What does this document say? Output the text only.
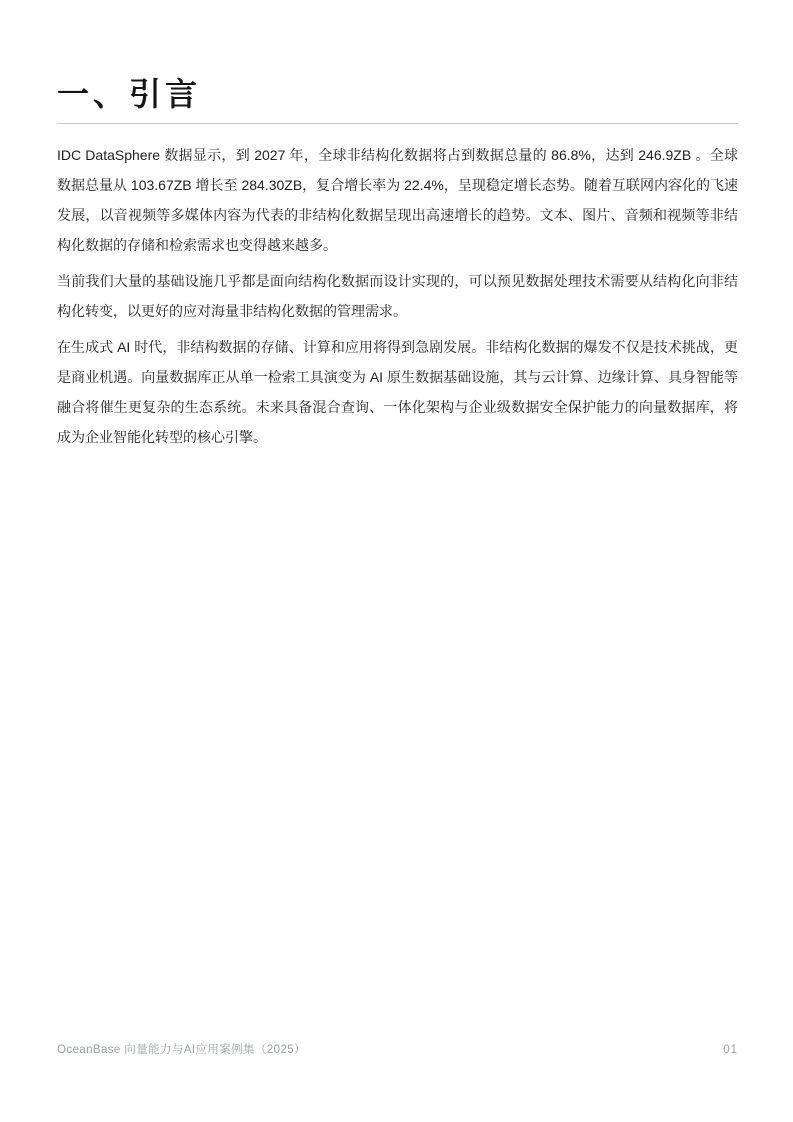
一、引言

IDC DataSphere 数据显示，到 2027 年，全球非结构化数据将占到数据总量的 86.8%，达到 246.9ZB 。全球数据总量从 103.67ZB 增长至 284.30ZB，复合增长率为 22.4%，呈现稳定增长态势。随着互联网内容化的飞速发展，以音视频等多媒体内容为代表的非结构化数据呈现出高速增长的趋势。文本、图片、音频和视频等非结构化数据的存储和检索需求也变得越来越多。

当前我们大量的基础设施几乎都是面向结构化数据而设计实现的，可以预见数据处理技术需要从结构化向非结构化转变，以更好的应对海量非结构化数据的管理需求。

在生成式 AI 时代，非结构数据的存储、计算和应用将得到急剧发展。非结构化数据的爆发不仅是技术挑战，更是商业机遇。向量数据库正从单一检索工具演变为 AI 原生数据基础设施，其与云计算、边缘计算、具身智能等融合将催生更复杂的生态系统。未来具备混合查询、一体化架构与企业级数据安全保护能力的向量数据库，将成为企业智能化转型的核心引擎。

OceanBase 向量能力与AI应用案例集（2025）	01
